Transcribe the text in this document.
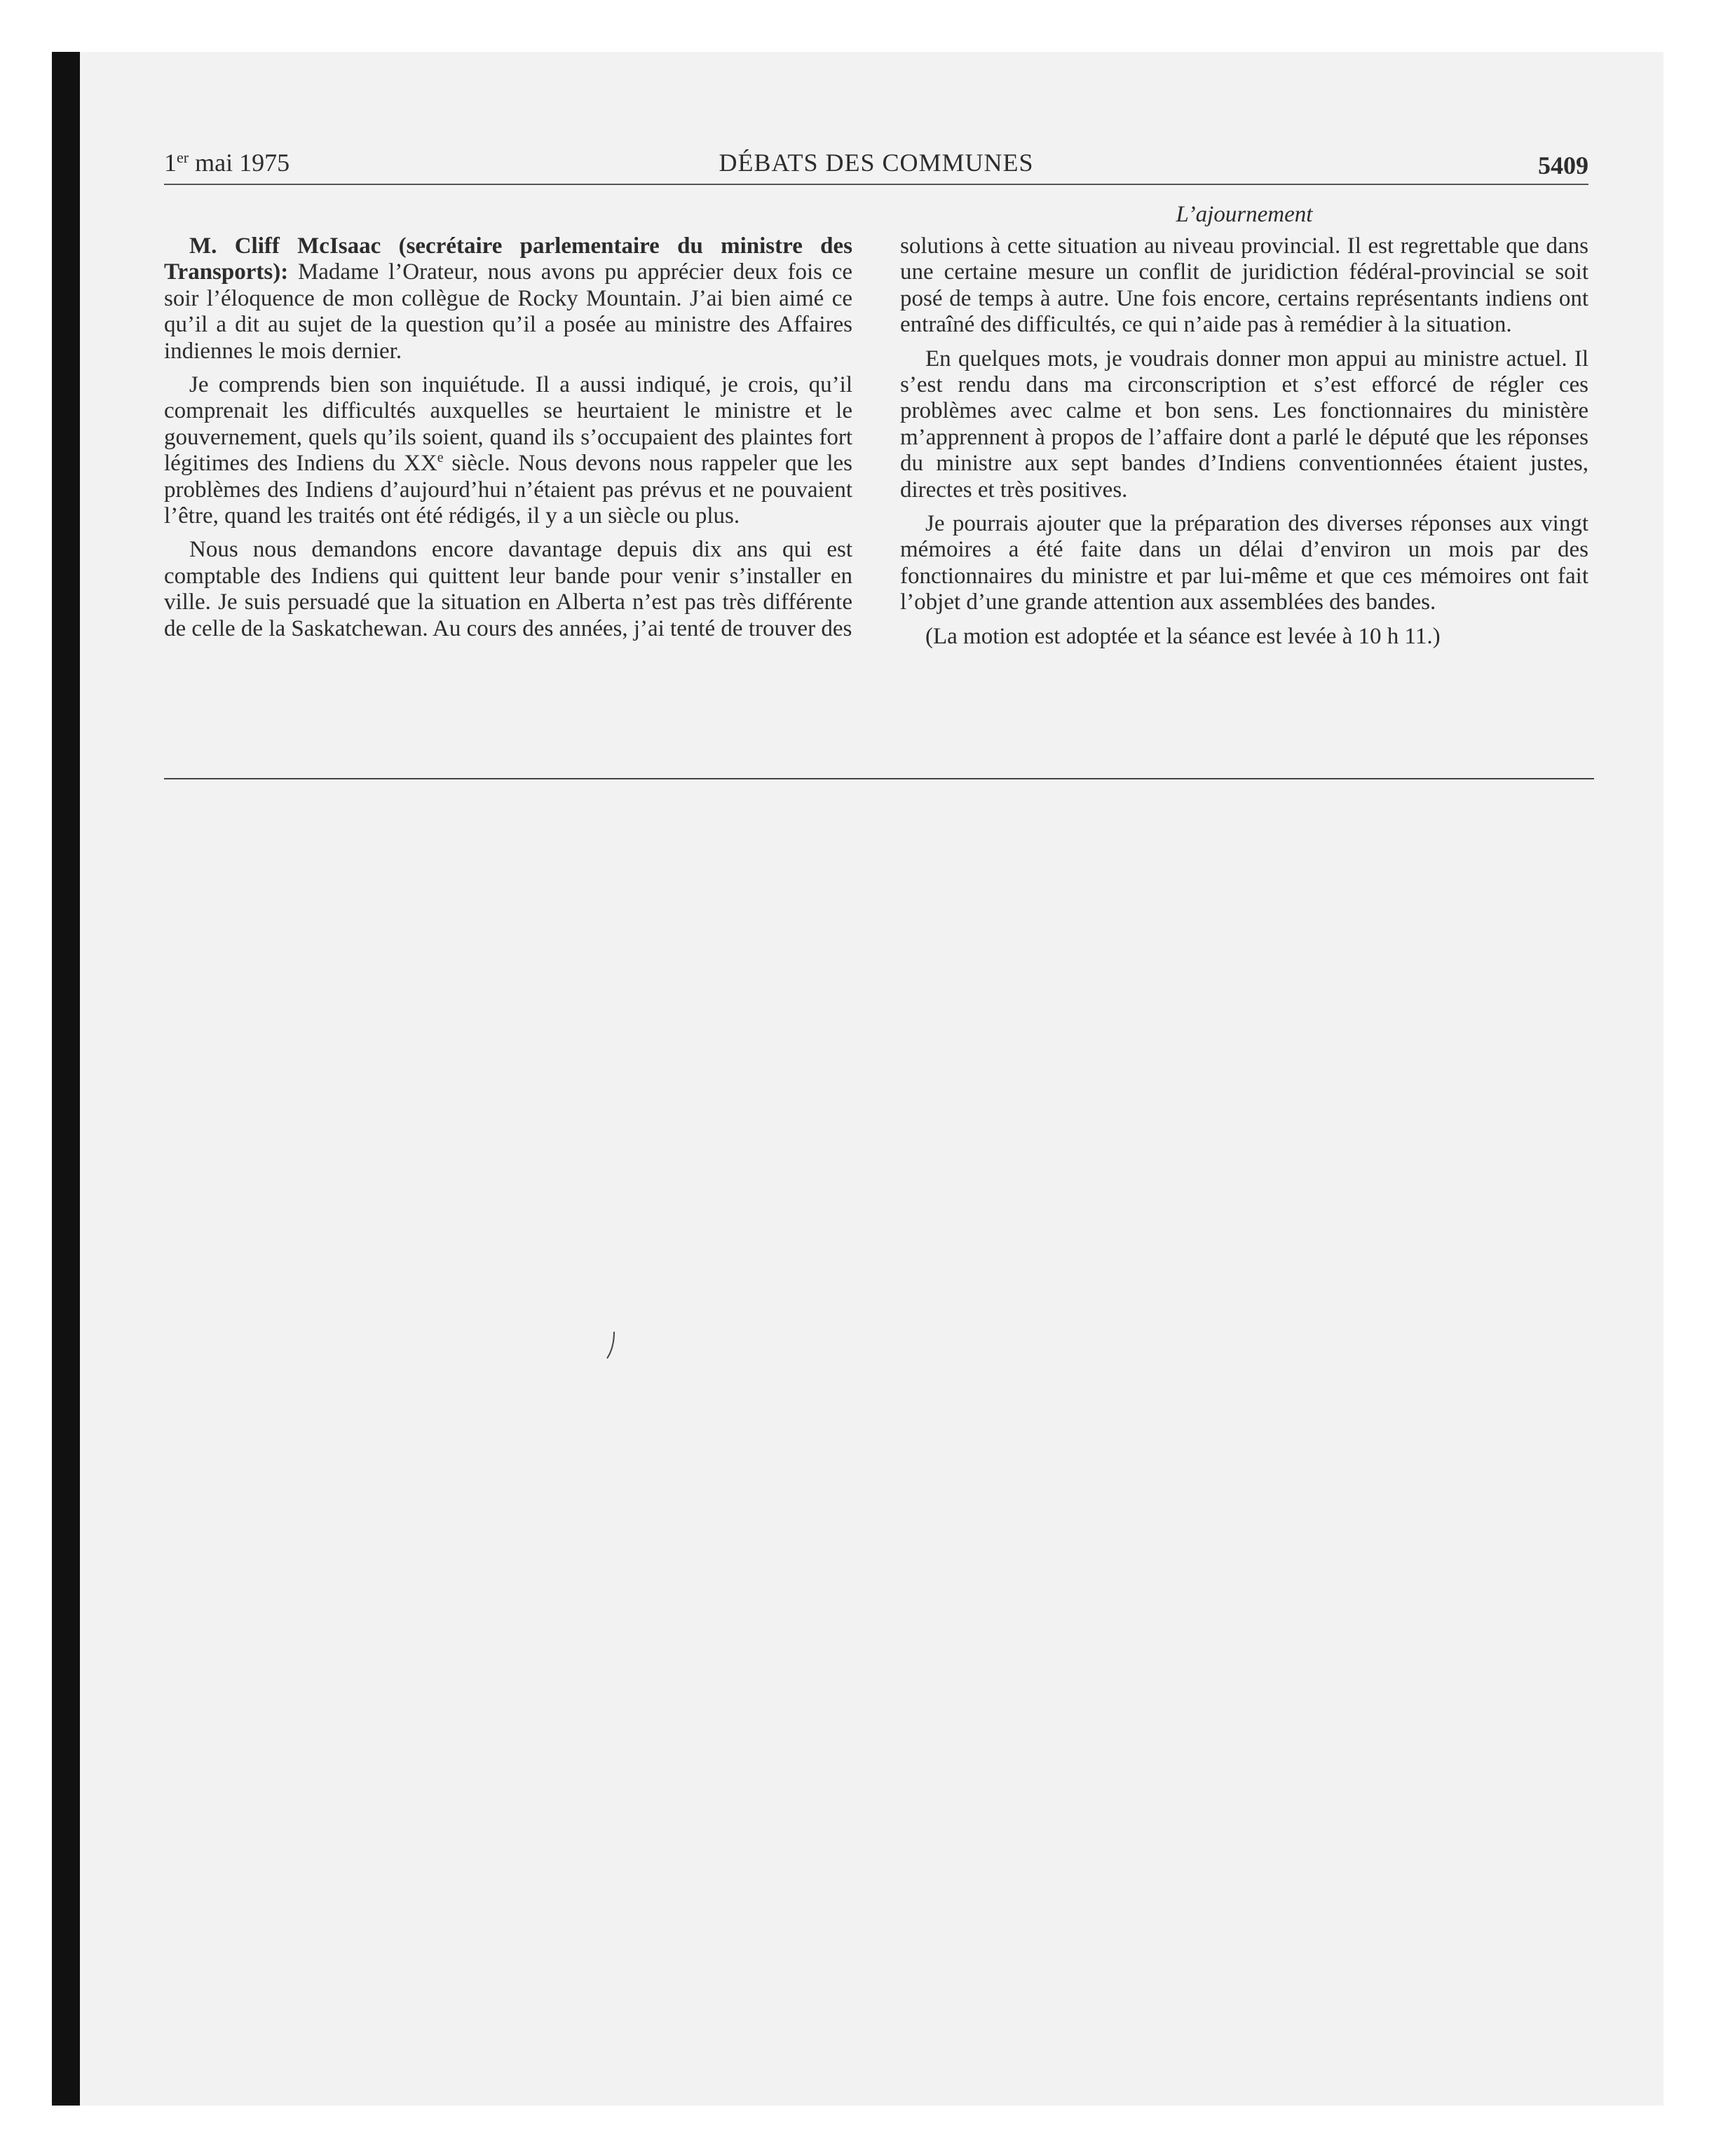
1er mai 1975	DÉBATS DES COMMUNES	5409
L’ajournement

M. Cliff McIsaac (secrétaire parlementaire du ministre des Transports): Madame l’Orateur, nous avons pu apprécier deux fois ce soir l’éloquence de mon collègue de Rocky Mountain. J’ai bien aimé ce qu’il a dit au sujet de la question qu’il a posée au ministre des Affaires indiennes le mois dernier.

Je comprends bien son inquiétude. Il a aussi indiqué, je crois, qu’il comprenait les difficultés auxquelles se heurtaient le ministre et le gouvernement, quels qu’ils soient, quand ils s’occupaient des plaintes fort légitimes des Indiens du XXe siècle. Nous devons nous rappeler que les problèmes des Indiens d’aujourd’hui n’étaient pas prévus et ne pouvaient l’être, quand les traités ont été rédigés, il y a un siècle ou plus.

Nous nous demandons encore davantage depuis dix ans qui est comptable des Indiens qui quittent leur bande pour venir s’installer en ville. Je suis persuadé que la situation en Alberta n’est pas très différente de celle de la Saskatchewan. Au cours des années, j’ai tenté de trouver des

solutions à cette situation au niveau provincial. Il est regrettable que dans une certaine mesure un conflit de juridiction fédéral-provincial se soit posé de temps à autre. Une fois encore, certains représentants indiens ont entraîné des difficultés, ce qui n’aide pas à remédier à la situation.

En quelques mots, je voudrais donner mon appui au ministre actuel. Il s’est rendu dans ma circonscription et s’est efforcé de régler ces problèmes avec calme et bon sens. Les fonctionnaires du ministère m’apprennent à propos de l’affaire dont a parlé le député que les réponses du ministre aux sept bandes d’Indiens conventionnées étaient justes, directes et très positives.

Je pourrais ajouter que la préparation des diverses réponses aux vingt mémoires a été faite dans un délai d’environ un mois par des fonctionnaires du ministre et par lui-même et que ces mémoires ont fait l’objet d’une grande attention aux assemblées des bandes.

(La motion est adoptée et la séance est levée à 10 h 11.)
